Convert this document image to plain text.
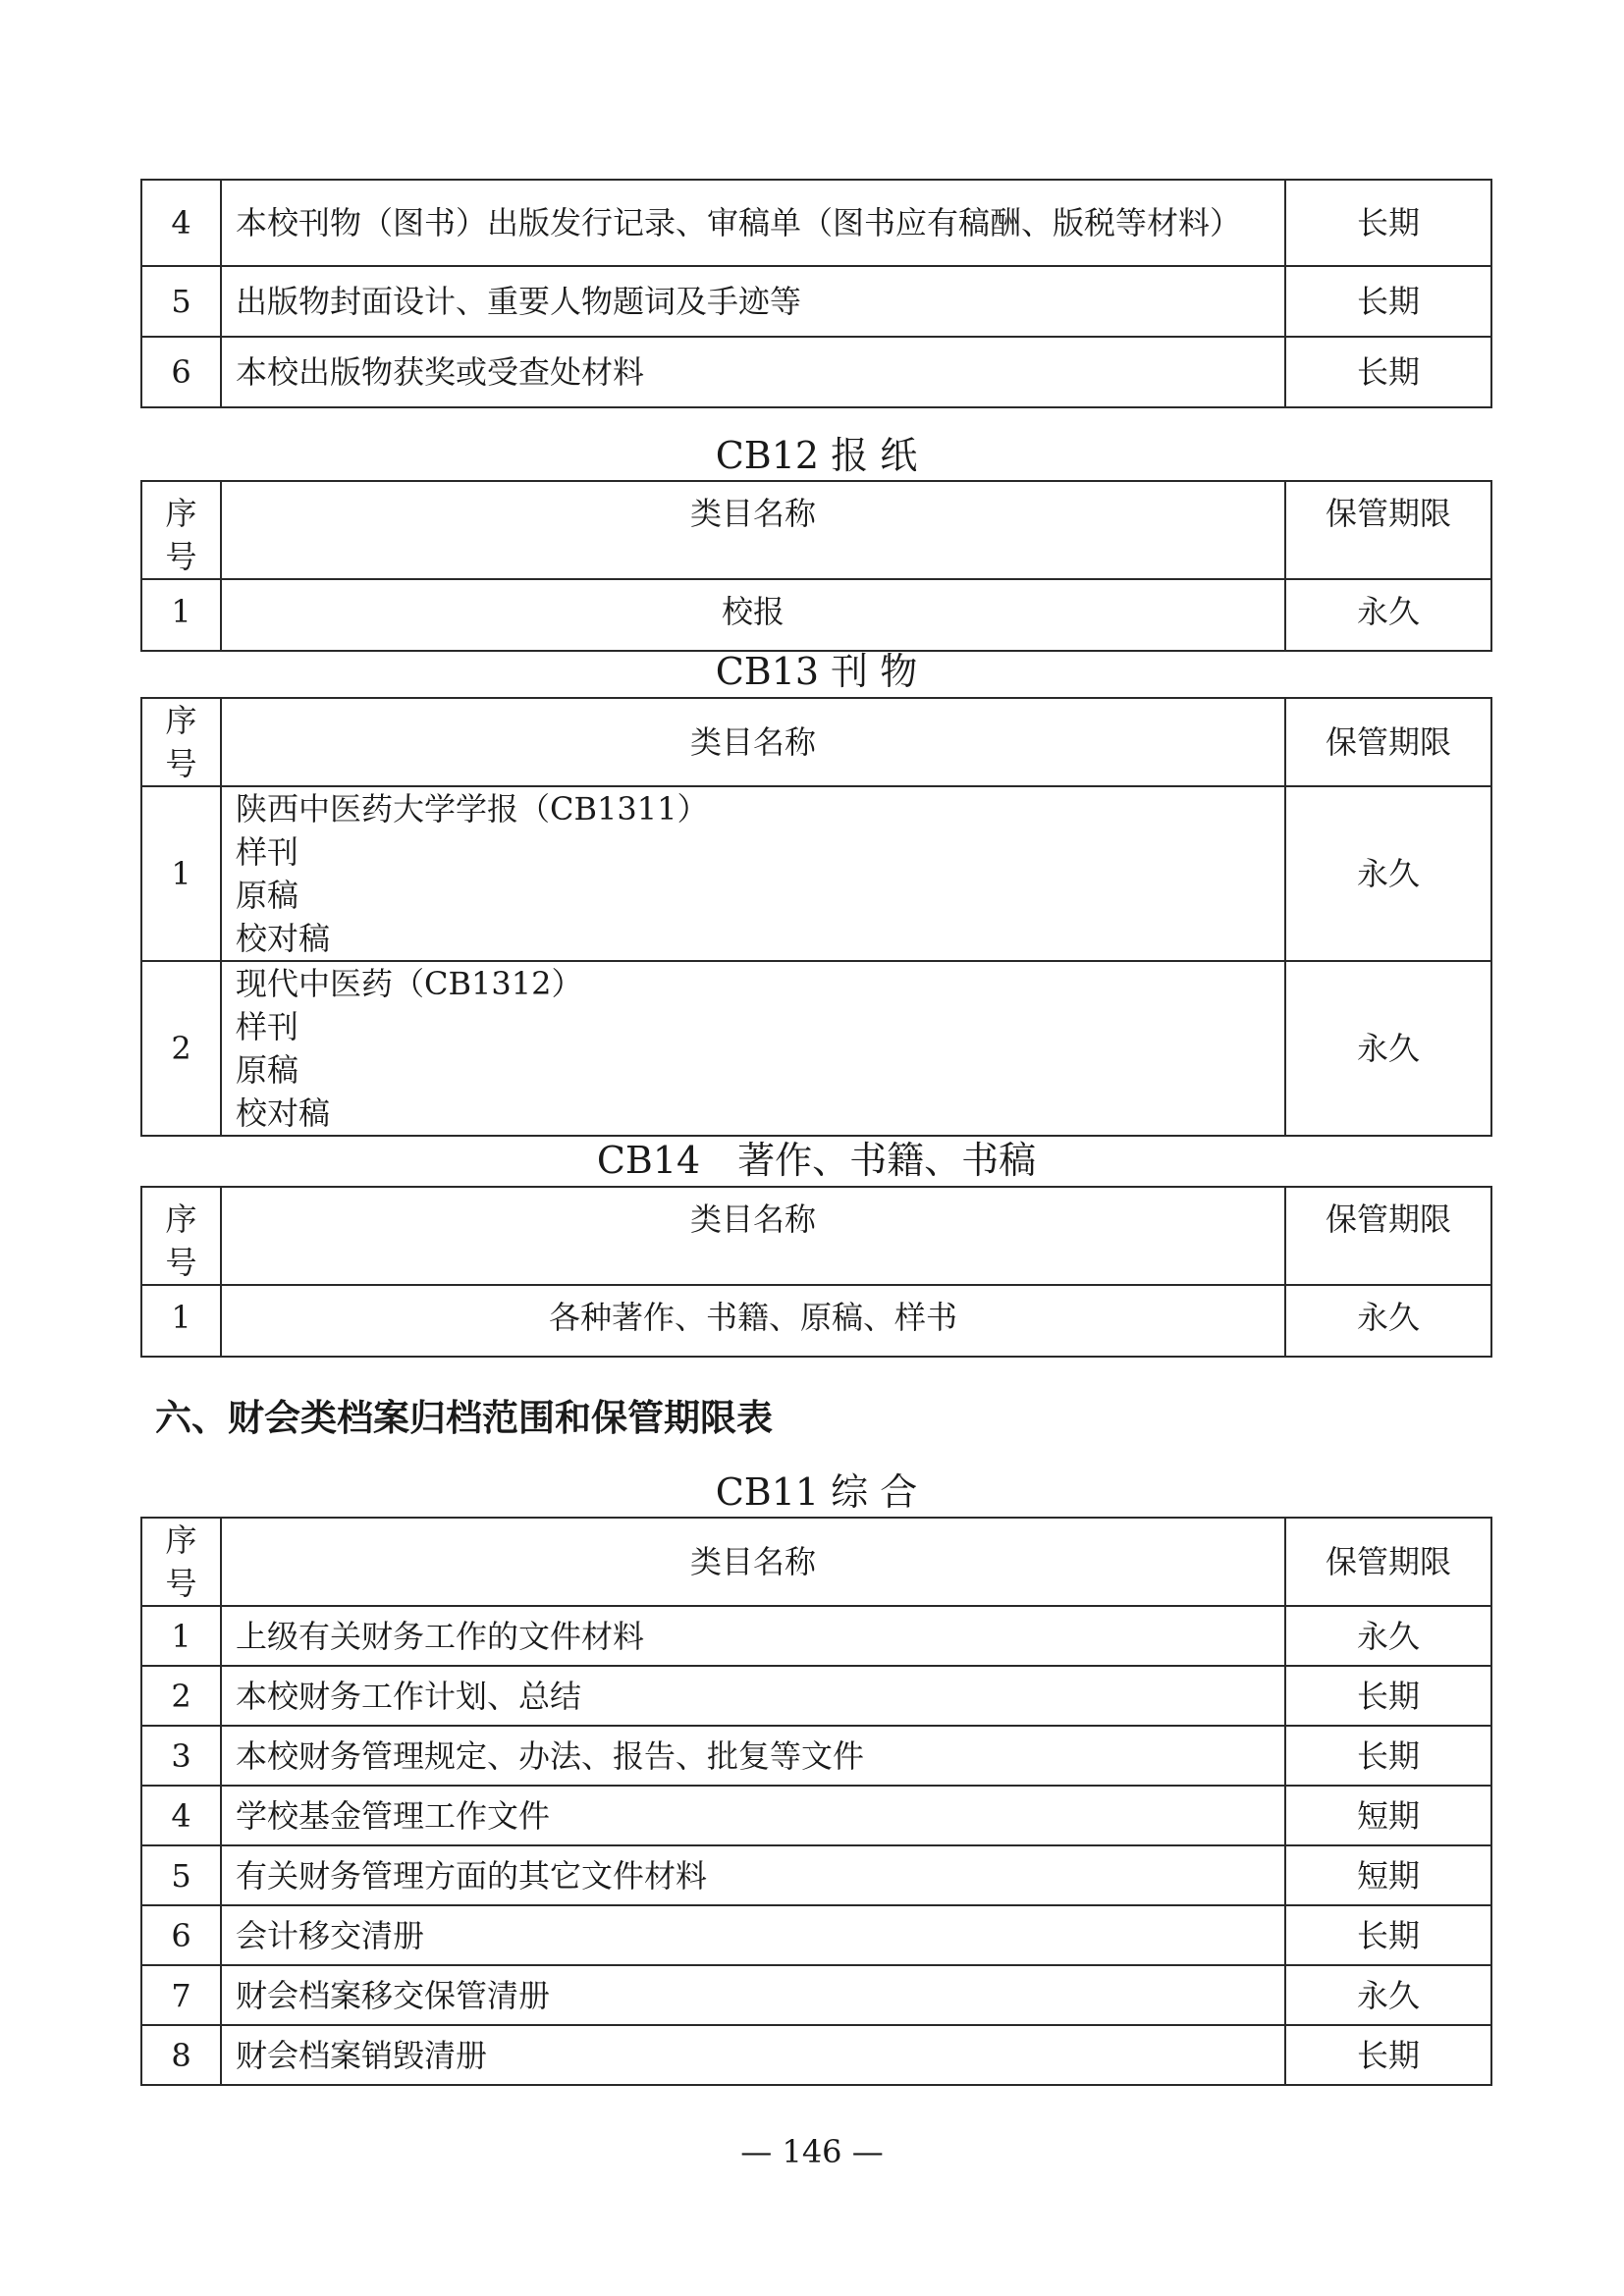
4	本校刊物（图书）出版发行记录、审稿单（图书应有稿酬、版税等材料）	长期
5	出版物封面设计、重要人物题词及手迹等	长期
6	本校出版物获奖或受查处材料	长期
CB12 报 纸
序号	类目名称	保管期限
1	校报	永久
CB13 刊 物
序号	类目名称	保管期限
1	陕西中医药大学学报（CB1311）
样刊
原稿
校对稿	永久
2	现代中医药（CB1312）
样刊
原稿
校对稿	永久
CB14　著作、书籍、书稿
序号	类目名称	保管期限
1	各种著作、书籍、原稿、样书	永久
六、财会类档案归档范围和保管期限表
CB11 综 合
序号	类目名称	保管期限
1	上级有关财务工作的文件材料	永久
2	本校财务工作计划、总结	长期
3	本校财务管理规定、办法、报告、批复等文件	长期
4	学校基金管理工作文件	短期
5	有关财务管理方面的其它文件材料	短期
6	会计移交清册	长期
7	财会档案移交保管清册	永久
8	财会档案销毁清册	长期
— 146 —
